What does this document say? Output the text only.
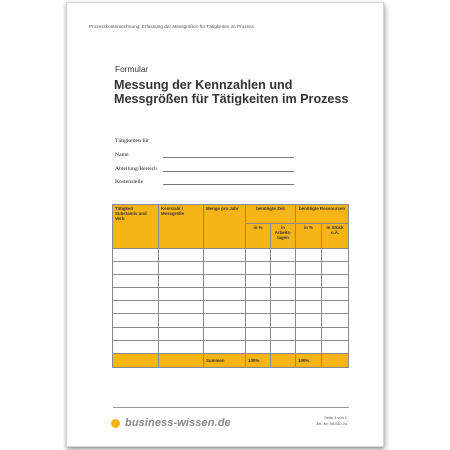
Prozesskostenrechnung: Erfassung der Messgrößen für Tätigkeiten im Prozess
Formular
Messung der Kennzahlen und Messgrößen für Tätigkeiten im Prozess
Tätigkeiten für
Name
Abteilung/Bereich
Kostenstelle
Tätigkeit Substantiv und Verb	Kennzahl / Messgröße	Menge pro Jahr	benötigte Zeit		benötigte Ressourcen	
			in %	in Arbeits-tagen	in %	in Stück o.Ä.

		Summen	100%		100%	
business-wissen.de	Seite 1 von 1
Art.-Nr. 98.040.04
